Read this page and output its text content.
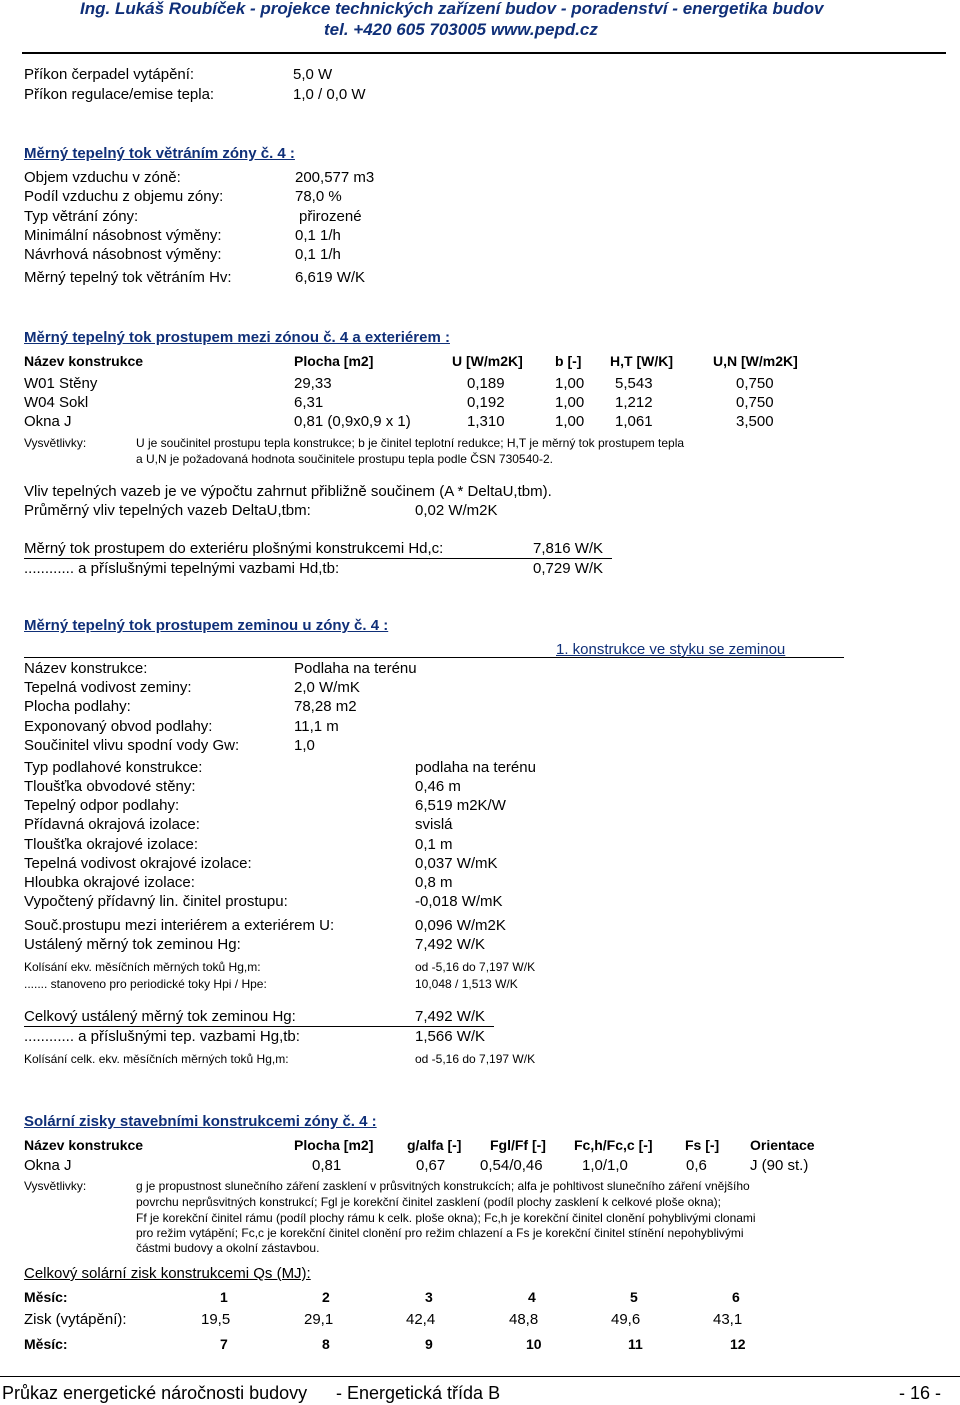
Ing. Lukáš Roubíček - projekce technických zařízení budov - poradenství - energetika budov
tel. +420 605 703005 www.pepd.cz
Příkon čerpadel vytápění:	5,0 W
Příkon regulace/emise tepla:	1,0 / 0,0 W
Měrný tepelný tok větráním zóny č. 4 :
Objem vzduchu v zóně:	200,577 m3
Podíl vzduchu z objemu zóny:	78,0 %
Typ větrání zóny:	přirozené
Minimální násobnost výměny:	0,1 1/h
Návrhová násobnost výměny:	0,1 1/h
Měrný tepelný tok větráním Hv:	6,619 W/K
Měrný tepelný tok prostupem mezi zónou č. 4 a exteriérem :
Název konstrukce	Plocha [m2]	U [W/m2K] b [-] H,T [W/K]	U,N [W/m2K]
W01 Stěny	29,33	0,189	1,00 5,543	0,750
W04 Sokl	6,31	0,192	1,00 1,212	0,750
Okna J	0,81 (0,9x0,9 x 1)	1,310	1,00 1,061	3,500
Vysvětlivky:	U je součinitel prostupu tepla konstrukce; b je činitel teplotní redukce; H,T je měrný tok prostupem tepla
a U,N je požadovaná hodnota součinitele prostupu tepla podle ČSN 730540-2.
Vliv tepelných vazeb je ve výpočtu zahrnut přibližně součinem (A * DeltaU,tbm).
Průměrný vliv tepelných vazeb DeltaU,tbm:	0,02 W/m2K
Měrný tok prostupem do exteriéru plošnými konstrukcemi Hd,c:	7,816 W/K
............ a příslušnými tepelnými vazbami Hd,tb:	0,729 W/K
Měrný tepelný tok prostupem zeminou u zóny č. 4 :
1. konstrukce ve styku se zeminou
Název konstrukce:	Podlaha na terénu
Tepelná vodivost zeminy:	2,0 W/mK
Plocha podlahy:	78,28 m2
Exponovaný obvod podlahy:	11,1 m
Součinitel vlivu spodní vody Gw:	1,0
Typ podlahové konstrukce:	podlaha na terénu
Tloušťka obvodové stěny:	0,46 m
Tepelný odpor podlahy:	6,519 m2K/W
Přídavná okrajová izolace:	svislá
Tloušťka okrajové izolace:	0,1 m
Tepelná vodivost okrajové izolace:	0,037 W/mK
Hloubka okrajové izolace:	0,8 m
Vypočtený přídavný lin. činitel prostupu:	-0,018 W/mK
Souč.prostupu mezi interiérem a exteriérem U:	0,096 W/m2K
Ustálený měrný tok zeminou Hg:	7,492 W/K
Kolísání ekv. měsíčních měrných toků Hg,m:	od -5,16 do 7,197 W/K
....... stanoveno pro periodické toky Hpi / Hpe:	10,048 / 1,513 W/K
Celkový ustálený měrný tok zeminou Hg:	7,492 W/K
............ a příslušnými tep. vazbami Hg,tb:	1,566 W/K
Kolísání celk. ekv. měsíčních měrných toků Hg,m:	od -5,16 do 7,197 W/K
Solární zisky stavebními konstrukcemi zóny č. 4 :
Název konstrukce	Plocha [m2] g/alfa [-] Fgl/Ff [-] Fc,h/Fc,c [-] Fs [-] Orientace
Okna J	0,81	0,67 0,54/0,46	1,0/1,0	0,6	J (90 st.)
Vysvětlivky:	g je propustnost slunečního záření zasklení v průsvitných konstrukcích; alfa je pohltivost slunečního záření vnějšího
povrchu neprůsvitných konstrukcí; Fgl je korekční činitel zasklení (podíl plochy zasklení k celkové ploše okna);
Ff je korekční činitel rámu (podíl plochy rámu k celk. ploše okna); Fc,h je korekční činitel clonění pohyblivými clonami
pro režim vytápění; Fc,c je korekční činitel clonění pro režim chlazení a Fs je korekční činitel stínění nepohyblivými
částmi budovy a okolní zástavbou.
Celkový solární zisk konstrukcemi Qs (MJ):
Měsíc:	1	2	3	4	5	6
Zisk (vytápění):	19,5	29,1	42,4	48,8	49,6	43,1
Měsíc:	7	8	9	10	11	12
Průkaz energetické náročnosti budovy - Energetická třída B	- 16 -
